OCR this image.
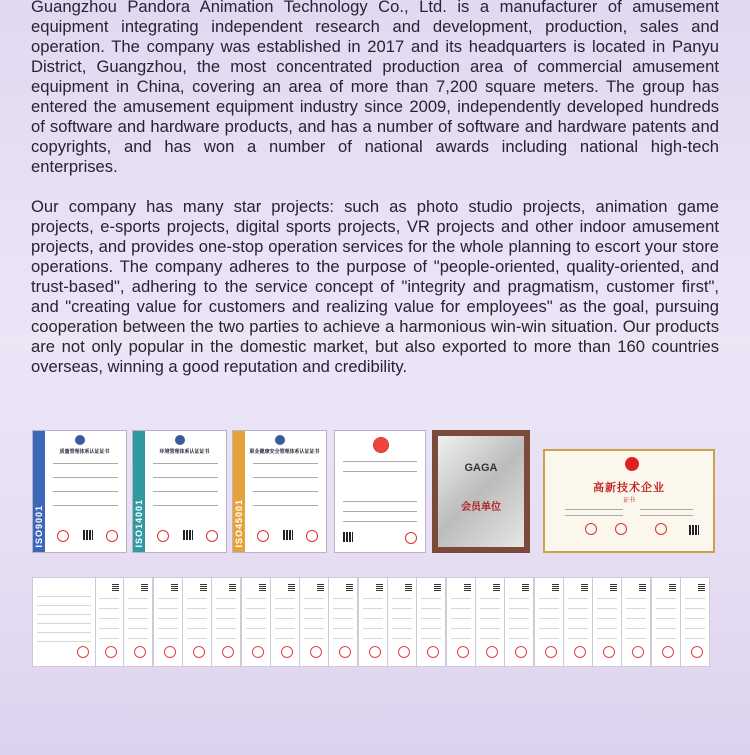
Guangzhou Pandora Animation Technology Co., Ltd. is a manufacturer of amusement equipment integrating independent research and development, production, sales and operation. The company was established in 2017 and its headquarters is located in Panyu District, Guangzhou, the most concentrated production area of commercial amusement equipment in China, covering an area of more than 7,200 square meters. The group has entered the amusement equipment industry since 2009, independently developed hundreds of software and hardware products, and has a number of software and hardware patents and copyrights, and has won a number of national awards including national high-tech enterprises.

Our company has many star projects: such as photo studio projects, animation game projects, e-sports projects, digital sports projects, VR projects and other indoor amusement projects, and provides one-stop operation services for the whole planning to escort your store operations. The company adheres to the purpose of "people-oriented, quality-oriented, and trust-based", adhering to the service concept of "integrity and pragmatism, customer first", and "creating value for customers and realizing value for employees" as the goal, pursuing cooperation between the two parties to achieve a harmonious win-win situation. Our products are not only popular in the domestic market, but also exported to more than 160 countries overseas, winning a good reputation and credibility.

ISO9001
质量管理体系认证证书
ISO14001
环境管理体系认证证书
ISO45001
职业健康安全管理体系认证证书
GAGA
会员单位
高新技术企业
证书
